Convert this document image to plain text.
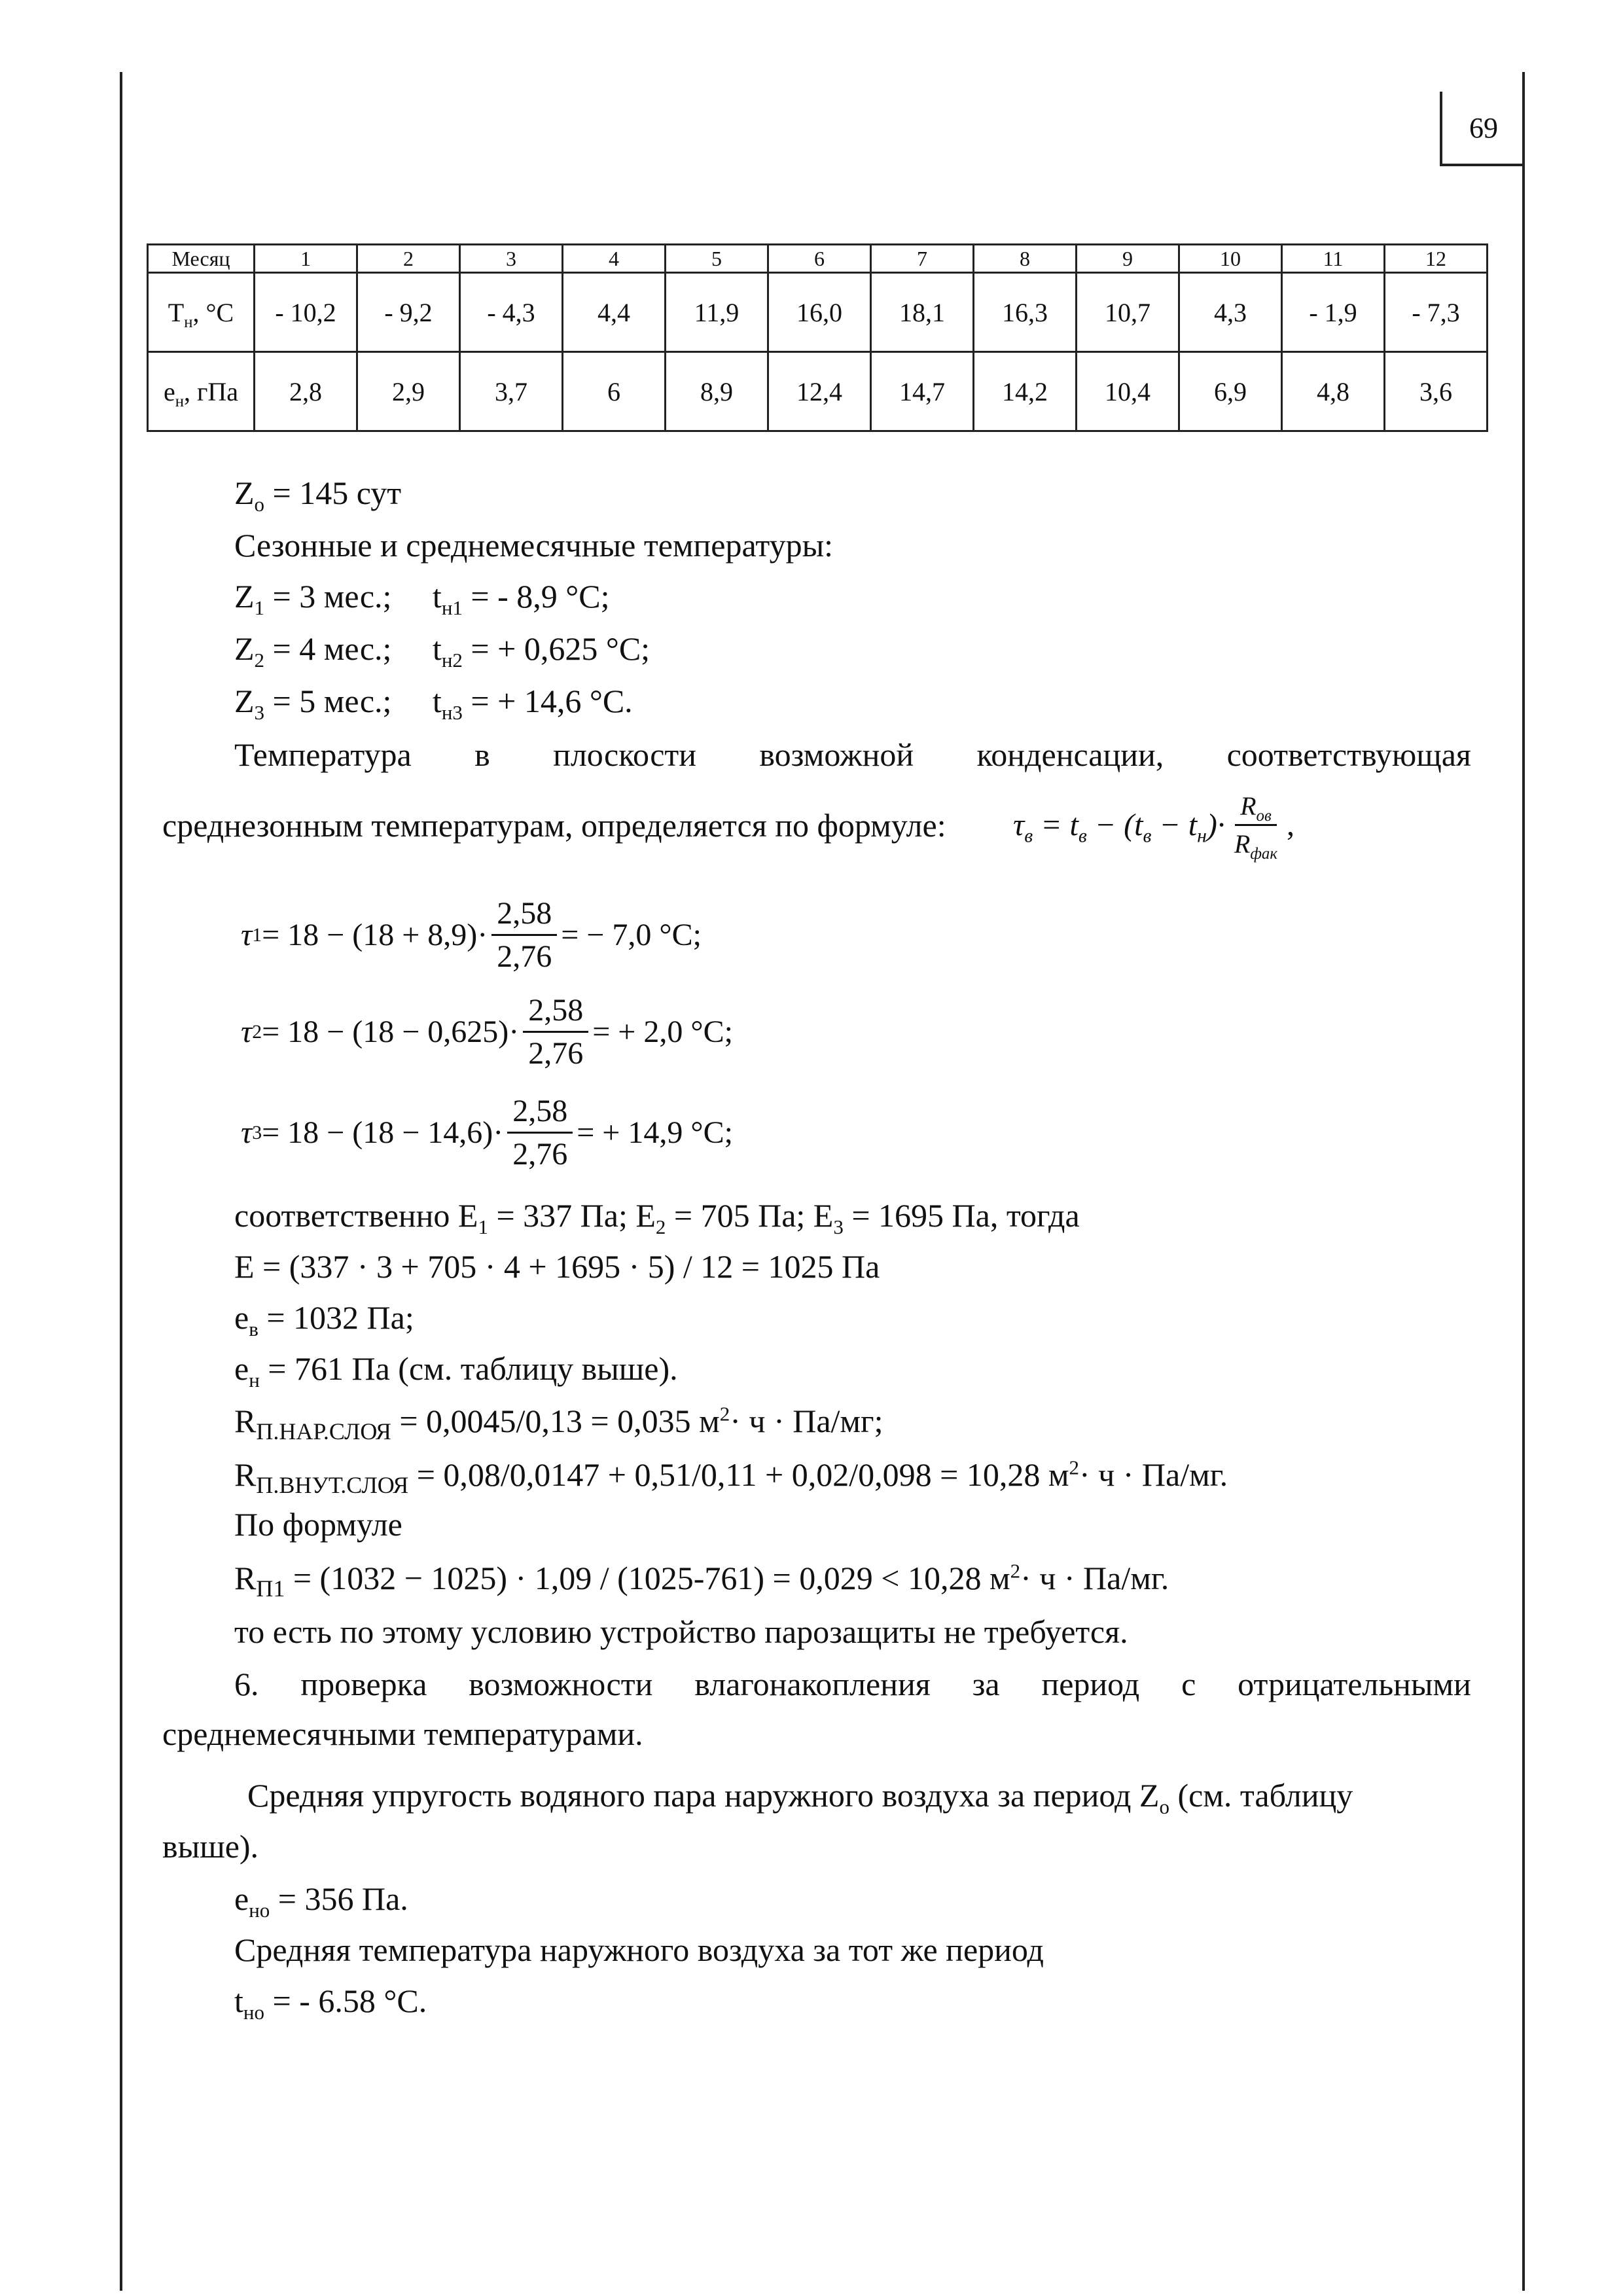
69
Месяц	1	2	3	4	5	6	7	8	9	10	11	12
$Т_н$, °С	- 10,2	- 9,2	- 4,3	4,4	11,9	16,0	18,1	16,3	10,7	4,3	- 1,9	- 7,3
$е_н$, гПа	2,8	2,9	3,7	6	8,9	12,4	14,7	14,2	10,4	6,9	4,8	3,6
$Z_o = 145$ сут
Сезонные и среднемесячные температуры:
$Z_1 = 3$ мес.; $t_{н1}$ = - 8,9 °С;
$Z_2 = 4$ мес.; $t_{н2}$ = + 0,625 °С;
$Z_3 = 5$ мес.; $t_{н3}$ = + 14,6 °С.
Температура в плоскости возможной конденсации, соответствующая
среднезонным температурам, определяется по формуле: $\tau_в = t_в - (t_в - t_н)\cdot \frac{R_{ов}}{R_{фак}}$ ,
τ $1 = 18 - (18 + 8,9)\cdot \frac{2,58}{2,76}$ = − 7,0 °С;
τ $2 = 18 - (18 - 0,625)\cdot \frac{2,58}{2,76}$ = + 2,0 °С;
τ $3 = 18 - (18 - 14,6)\cdot \frac{2,58}{2,76}$ = + 14,9 °С;
соответственно $Е_1 = 337$ Па; $Е_2 = 705$ Па; $Е_3 = 1695$ Па, тогда
Е = (337 · 3 + 705 · 4 + 1695 · 5) / 12 = 1025 Па
$е_в = 1032$ Па;
$е_н = 761$ Па (см. таблицу выше).
$R_{П.НАР.СЛОЯ} = 0,0045/0,13 = 0,035$ $м^2\cdot ч \cdot Па/мг$;
$R_{П.ВНУТ.СЛОЯ} = 0,08/0,0147 + 0,51/0,11 + 0,02/0,098 = 10,28$ $м^2\cdot ч \cdot Па/мг$.
По формуле
$R_{П1} = (1032 - 1025) \cdot 1,09 / (1025-761) = 0,029 < 10,28$ $м^2\cdot ч \cdot Па/мг$.
то есть по этому условию устройство парозащиты не требуется.
6. проверка возможности влагонакопления за период с отрицательными
среднемесячными температурами.
Средняя упругость водяного пара наружного воздуха за период $Z_o$ (см. таблицу
выше).
$е_{но} = 356$ Па.
Средняя температура наружного воздуха за тот же период
$t_{но}$ = - 6.58 °С.
